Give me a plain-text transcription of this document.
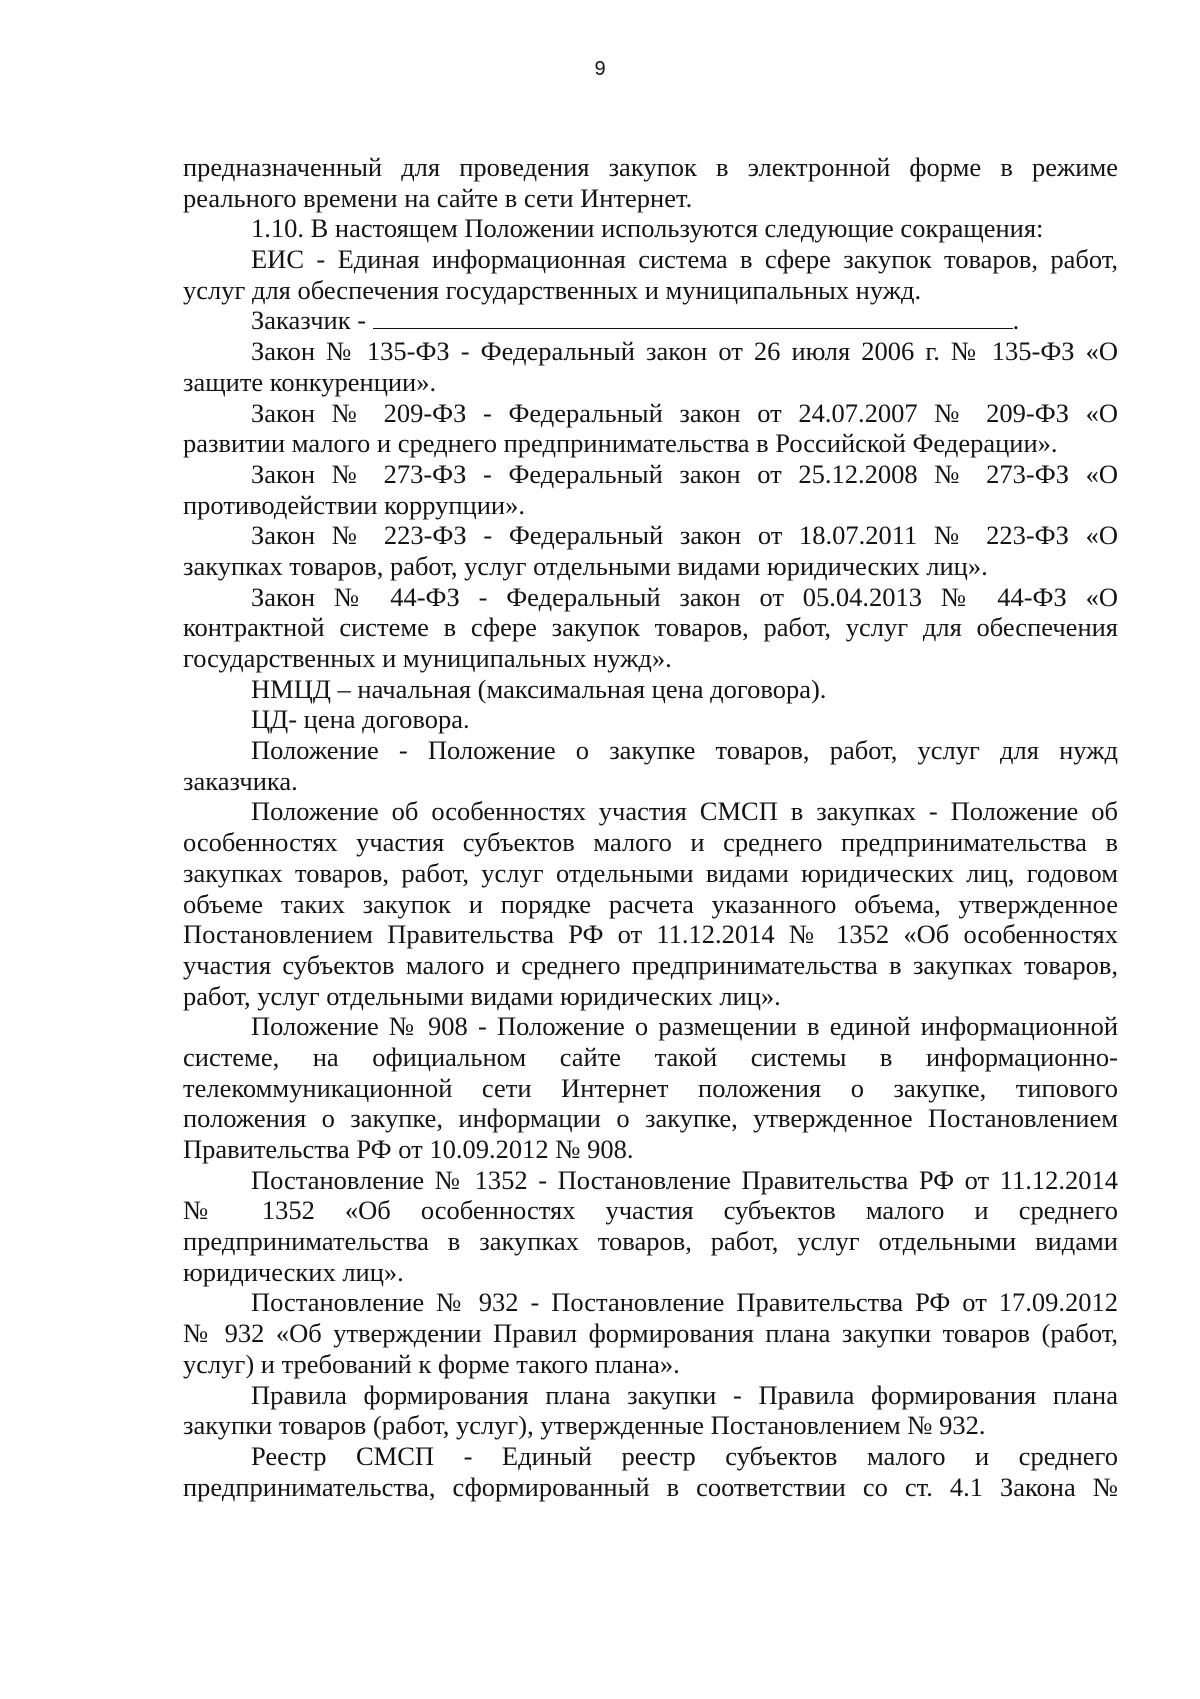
9
предназначенный для проведения закупок в электронной форме в режиме
реального времени на сайте в сети Интернет.
1.10. В настоящем Положении используются следующие сокращения:
ЕИС - Единая информационная система в сфере закупок товаров, работ,
услуг для обеспечения государственных и муниципальных нужд.
Заказчик -	.
Закон № 135-ФЗ - Федеральный закон от 26 июля 2006 г. № 135-ФЗ «О
защите конкуренции».
Закон № 209-ФЗ - Федеральный закон от 24.07.2007 № 209-ФЗ «О
развитии малого и среднего предпринимательства в Российской Федерации».
Закон № 273-ФЗ - Федеральный закон от 25.12.2008 № 273-ФЗ «О
противодействии коррупции».
Закон № 223-ФЗ - Федеральный закон от 18.07.2011 № 223-ФЗ «О
закупках товаров, работ, услуг отдельными видами юридических лиц».
Закон № 44-ФЗ - Федеральный закон от 05.04.2013 № 44-ФЗ «О
контрактной системе в сфере закупок товаров, работ, услуг для обеспечения
государственных и муниципальных нужд».
НМЦД – начальная (максимальная цена договора).
ЦД- цена договора.
Положение - Положение о закупке товаров, работ, услуг для нужд
заказчика.
Положение об особенностях участия СМСП в закупках - Положение об
особенностях участия субъектов малого и среднего предпринимательства в
закупках товаров, работ, услуг отдельными видами юридических лиц, годовом
объеме таких закупок и порядке расчета указанного объема, утвержденное
Постановлением Правительства РФ от 11.12.2014 № 1352 «Об особенностях
участия субъектов малого и среднего предпринимательства в закупках товаров,
работ, услуг отдельными видами юридических лиц».
Положение № 908 - Положение о размещении в единой информационной
системе, на официальном сайте такой системы в информационно-
телекоммуникационной сети Интернет положения о закупке, типового
положения о закупке, информации о закупке, утвержденное Постановлением
Правительства РФ от 10.09.2012 № 908.
Постановление № 1352 - Постановление Правительства РФ от 11.12.2014
№ 1352 «Об особенностях участия субъектов малого и среднего
предпринимательства в закупках товаров, работ, услуг отдельными видами
юридических лиц».
Постановление № 932 - Постановление Правительства РФ от 17.09.2012
№ 932 «Об утверждении Правил формирования плана закупки товаров (работ,
услуг) и требований к форме такого плана».
Правила формирования плана закупки - Правила формирования плана
закупки товаров (работ, услуг), утвержденные Постановлением № 932.
Реестр СМСП - Единый реестр субъектов малого и среднего
предпринимательства, сформированный в соответствии со ст. 4.1 Закона №
